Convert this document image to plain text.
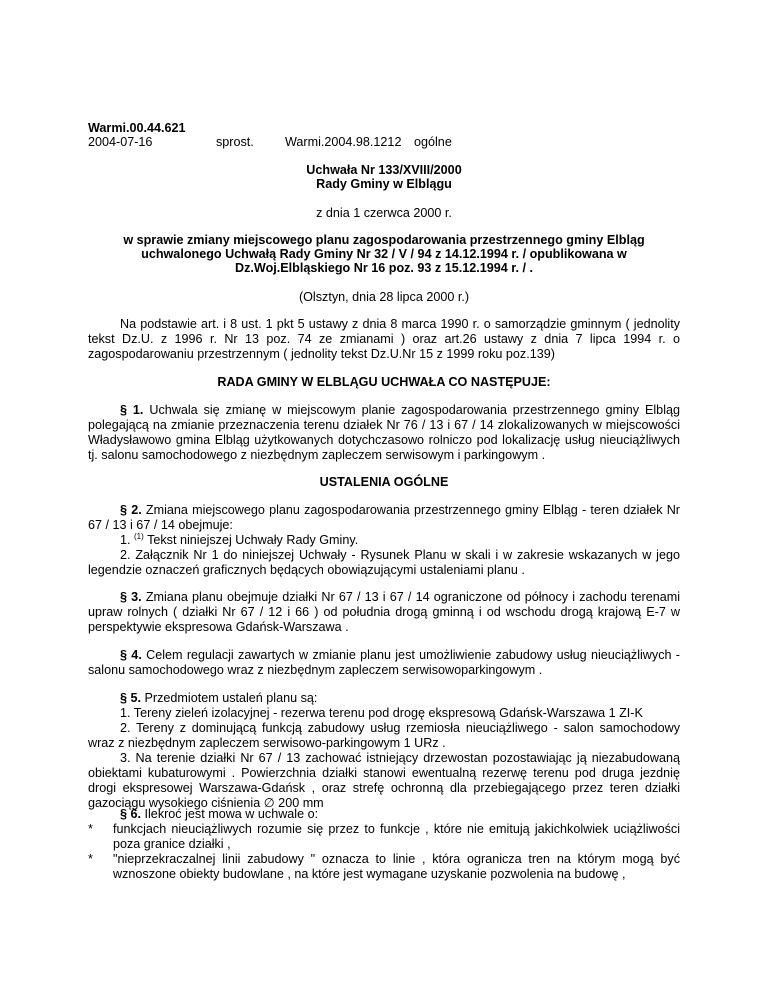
Warmi.00.44.621
2004-07-16	sprost. Warmi.2004.98.1212 ogólne
Uchwała Nr 133/XVIII/2000
Rady Gminy w Elblągu
z dnia 1 czerwca 2000 r.
w sprawie zmiany miejscowego planu zagospodarowania przestrzennego gminy Elbląg
uchwalonego Uchwałą Rady Gminy Nr 32 / V / 94 z 14.12.1994 r. / opublikowana w
Dz.Woj.Elbląskiego Nr 16 poz. 93 z 15.12.1994 r. / .
(Olsztyn, dnia 28 lipca 2000 r.)

Na podstawie art. i 8 ust. 1 pkt 5 ustawy z dnia 8 marca 1990 r. o samorządzie gminnym ( jednolity tekst Dz.U. z 1996 r. Nr 13 poz. 74 ze zmianami ) oraz art.26 ustawy z dnia 7 lipca 1994 r. o zagospodarowaniu przestrzennym ( jednolity tekst Dz.U.Nr 15 z 1999 roku poz.139)

RADA GMINY W ELBLĄGU UCHWAŁA CO NASTĘPUJE:

§ 1. Uchwala się zmianę w miejscowym planie zagospodarowania przestrzennego gminy Elbląg polegającą na zmianie przeznaczenia terenu działek Nr 76 / 13 i 67 / 14 zlokalizowanych w miejscowości Władysławowo gmina Elbląg użytkowanych dotychczasowo rolniczo pod lokalizację usług nieuciążliwych tj. salonu samochodowego z niezbędnym zapleczem serwisowym i parkingowym .

USTALENIA OGÓLNE

§ 2. Zmiana miejscowego planu zagospodarowania przestrzennego gminy Elbląg - teren działek Nr 67 / 13 i 67 / 14 obejmuje:

1. $^{(1)}$ Tekst niniejszej Uchwały Rady Gminy.

2. Załącznik Nr 1 do niniejszej Uchwały - Rysunek Planu w skali i w zakresie wskazanych w jego legendzie oznaczeń graficznych będących obowiązującymi ustaleniami planu .

§ 3. Zmiana planu obejmuje działki Nr 67 / 13 i 67 / 14 ograniczone od północy i zachodu terenami upraw rolnych ( działki Nr 67 / 12 i 66 ) od południa drogą gminną i od wschodu drogą krajową E-7 w perspektywie ekspresowa Gdańsk-Warszawa .

§ 4. Celem regulacji zawartych w zmianie planu jest umożliwienie zabudowy usług nieuciążliwych - salonu samochodowego wraz z niezbędnym zapleczem serwisowoparkingowym .

§ 5. Przedmiotem ustaleń planu są:

1. Tereny zieleń izolacyjnej - rezerwa terenu pod drogę ekspresową Gdańsk-Warszawa 1 ZI-K

2. Tereny z dominującą funkcją zabudowy usług rzemiosła nieuciążliwego - salon samochodowy wraz z niezbędnym zapleczem serwisowo-parkingowym 1 URz .

3. Na terenie działki Nr 67 / 13 zachować istniejący drzewostan pozostawiając ją niezabudowaną obiektami kubaturowymi . Powierzchnia działki stanowi ewentualną rezerwę terenu pod druga jezdnię drogi ekspresowej Warszawa-Gdańsk , oraz strefę ochronną dla przebiegającego przez teren działki gazociągu wysokiego ciśnienia ∅ 200 mm

§ 6. Ilekroć jest mowa w uchwale o:

* funkcjach nieuciążliwych rozumie się przez to funkcje , które nie emitują jakichkolwiek uciążliwości poza granice działki ,
* "nieprzekraczalnej linii zabudowy " oznacza to linie , która ogranicza tren na którym mogą być wznoszone obiekty budowlane , na które jest wymagane uzyskanie pozwolenia na budowę ,
